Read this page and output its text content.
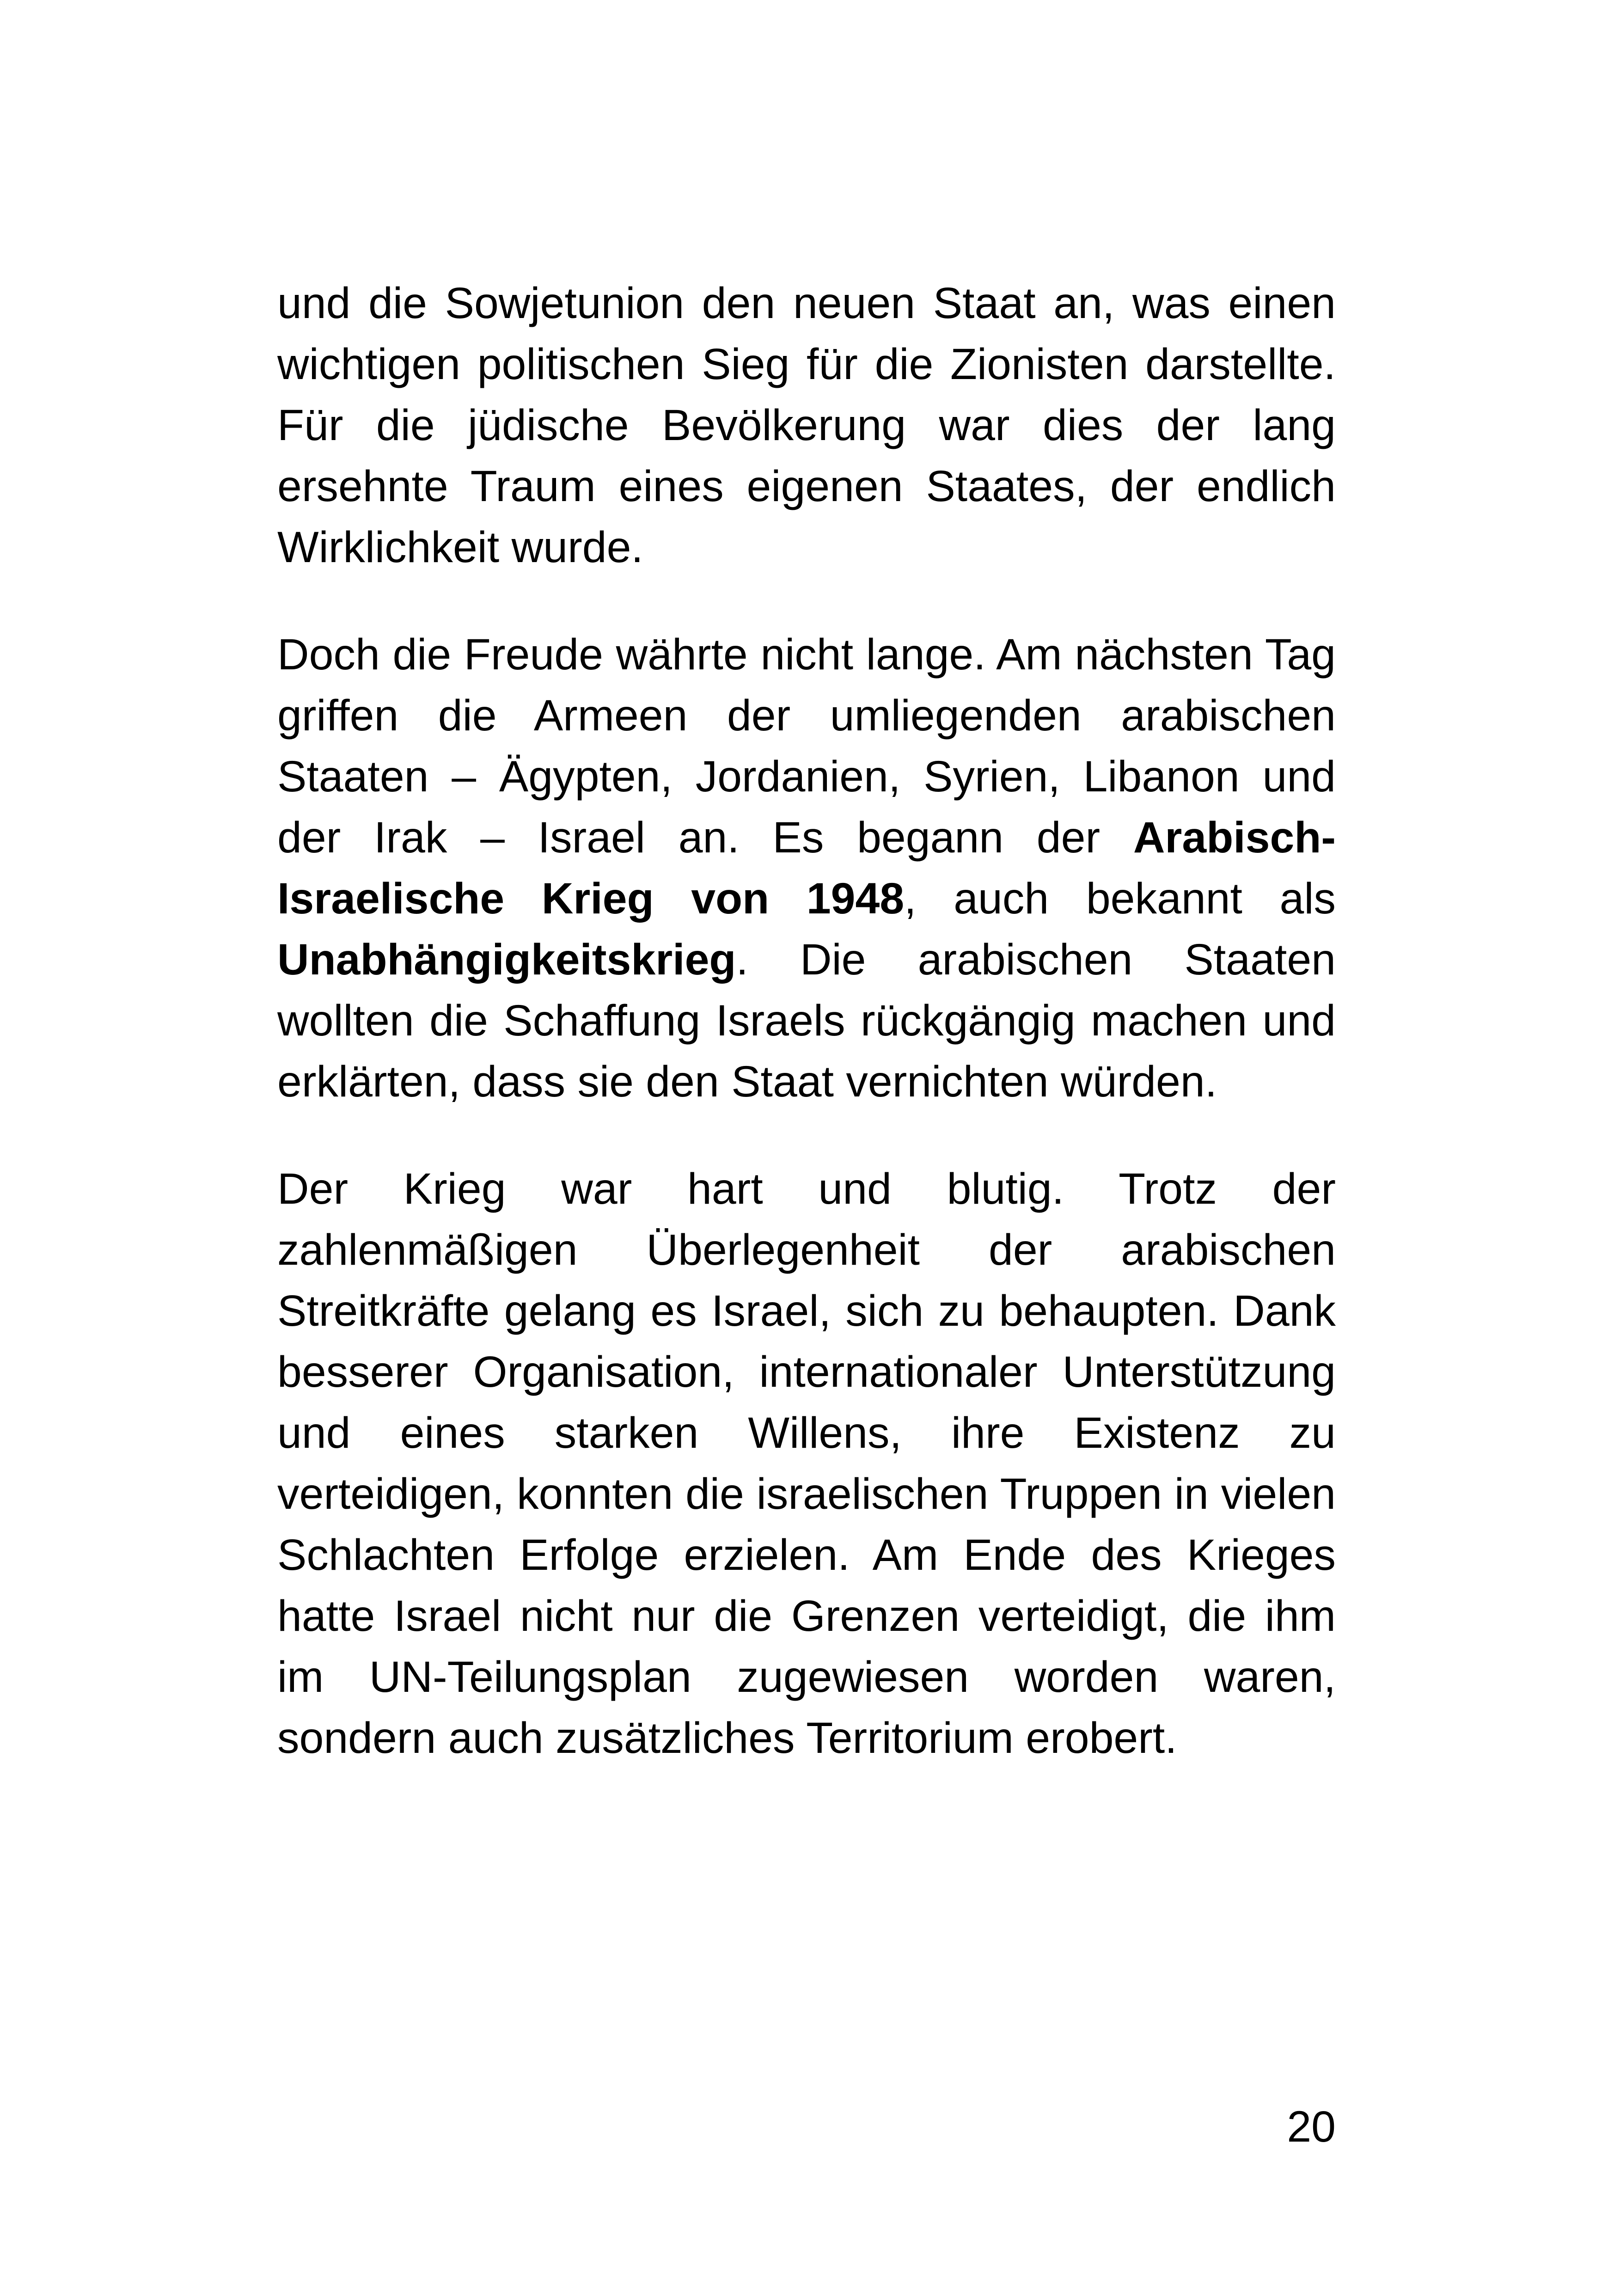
und die Sowjetunion den neuen Staat an, was einen wichtigen politischen Sieg für die Zionisten darstellte. Für die jüdische Bevölkerung war dies der lang ersehnte Traum eines eigenen Staates, der endlich Wirklichkeit wurde.

Doch die Freude währte nicht lange. Am nächsten Tag griffen die Armeen der umliegenden arabischen Staaten – Ägypten, Jordanien, Syrien, Libanon und der Irak – Israel an. Es begann der Arabisch-Israelische Krieg von 1948, auch bekannt als Unabhängigkeitskrieg. Die arabischen Staaten wollten die Schaffung Israels rückgängig machen und erklärten, dass sie den Staat vernichten würden.

Der Krieg war hart und blutig. Trotz der zahlenmäßigen Überlegenheit der arabischen Streitkräfte gelang es Israel, sich zu behaupten. Dank besserer Organisation, internationaler Unterstützung und eines starken Willens, ihre Existenz zu verteidigen, konnten die israelischen Truppen in vielen Schlachten Erfolge erzielen. Am Ende des Krieges hatte Israel nicht nur die Grenzen verteidigt, die ihm im UN-Teilungsplan zugewiesen worden waren, sondern auch zusätzliches Territorium erobert.

20
